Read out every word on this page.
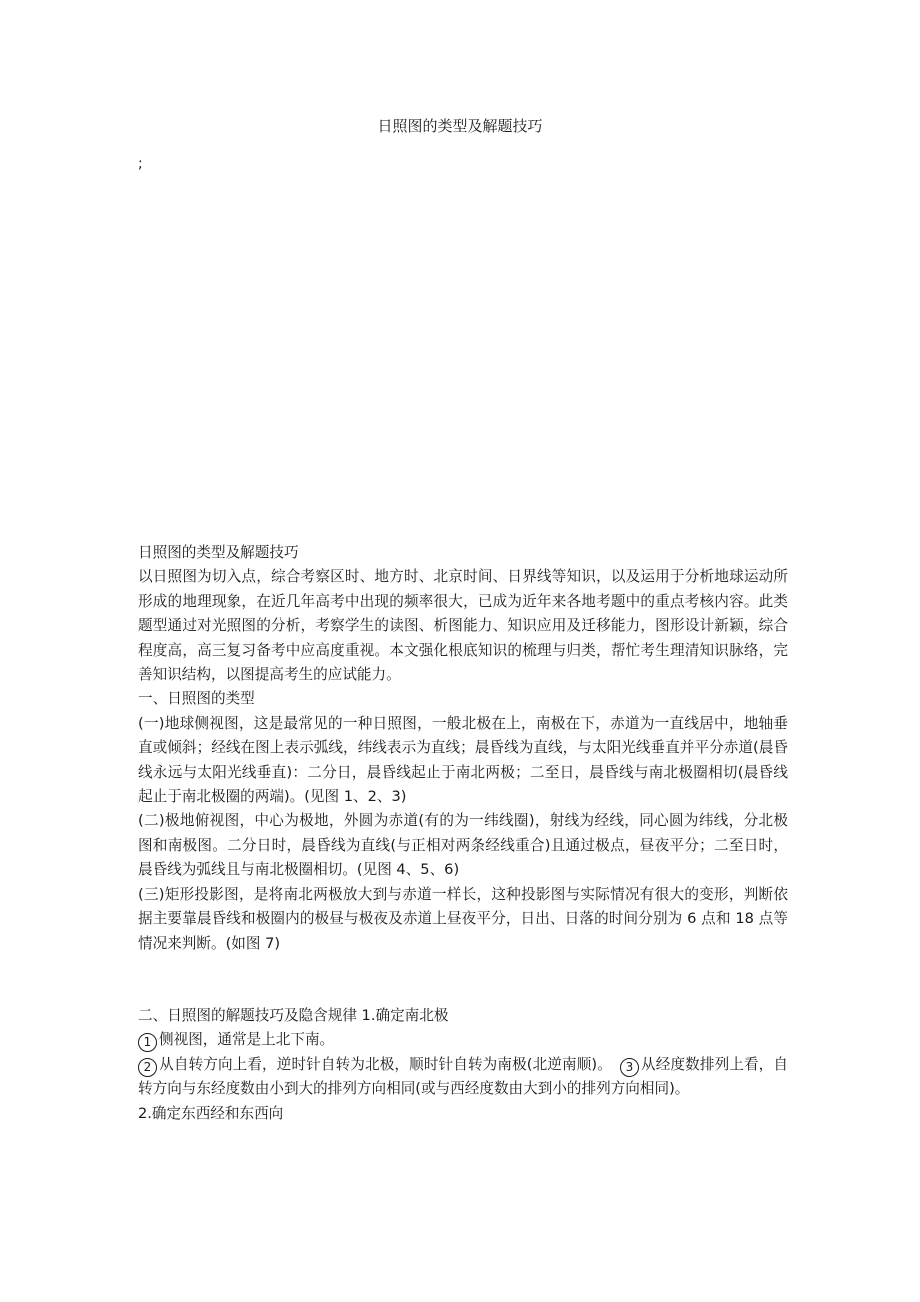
日照图的类型及解题技巧
;

日照图的类型及解题技巧

以日照图为切入点，综合考察区时、地方时、北京时间、日界线等知识，以及运用于分析地球运动所形成的地理现象，在近几年高考中出现的频率很大，已成为近年来各地考题中的重点考核内容。此类题型通过对光照图的分析，考察学生的读图、析图能力、知识应用及迁移能力，图形设计新颖，综合程度高，高三复习备考中应高度重视。本文强化根底知识的梳理与归类，帮忙考生理清知识脉络，完善知识结构，以图提高考生的应试能力。

一、日照图的类型

(一)地球侧视图，这是最常见的一种日照图，一般北极在上，南极在下，赤道为一直线居中，地轴垂直或倾斜；经线在图上表示弧线，纬线表示为直线；晨昏线为直线，与太阳光线垂直并平分赤道(晨昏线永远与太阳光线垂直)：二分日，晨昏线起止于南北两极；二至日，晨昏线与南北极圈相切(晨昏线起止于南北极圈的两端)。(见图 1、2、3)

(二)极地俯视图，中心为极地，外圆为赤道(有的为一纬线圈)，射线为经线，同心圆为纬线，分北极图和南极图。二分日时，晨昏线为直线(与正相对两条经线重合)且通过极点，昼夜平分；二至日时，晨昏线为弧线且与南北极圈相切。(见图 4、5、6)

(三)矩形投影图，是将南北两极放大到与赤道一样长，这种投影图与实际情况有很大的变形，判断依据主要靠晨昏线和极圈内的极昼与极夜及赤道上昼夜平分，日出、日落的时间分别为 6 点和 18 点等情况来判断。(如图 7)

二、日照图的解题技巧及隐含规律 1.确定南北极

1 侧视图，通常是上北下南。

2 从自转方向上看，逆时针自转为北极，顺时针自转为南极(北逆南顺)。 3 从经度数排列上看，自转方向与东经度数由小到大的排列方向相同(或与西经度数由大到小的排列方向相同)。

2.确定东西经和东西向
